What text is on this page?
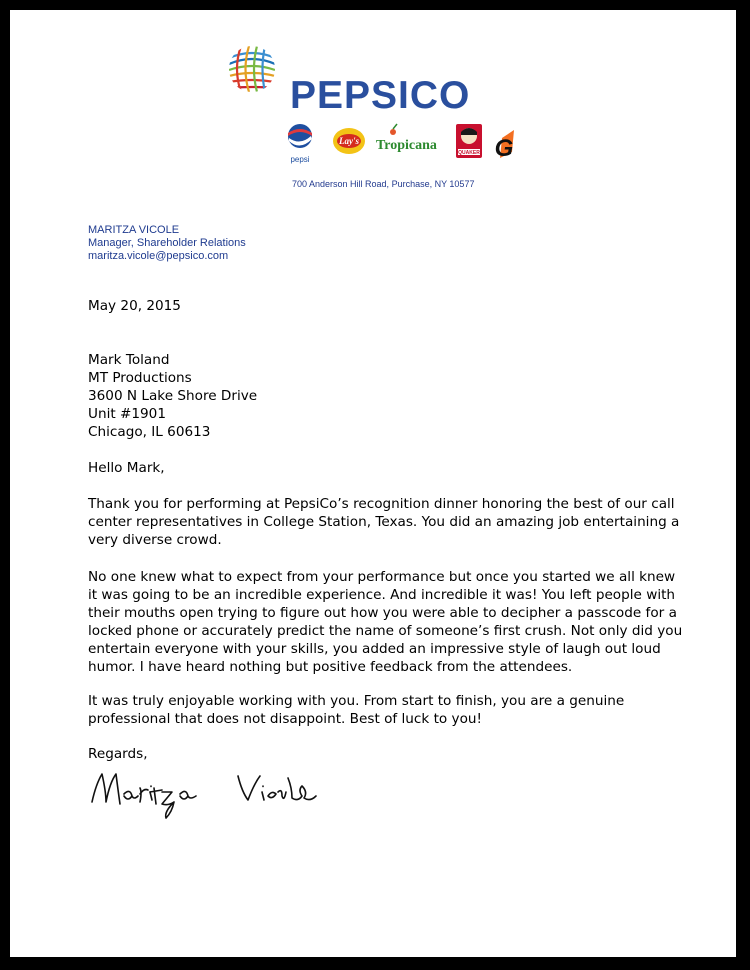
PEPSICO
pepsi
Lay's Tropicana	QUAKER G
700 Anderson Hill Road, Purchase, NY 10577
MARITZA VICOLE
Manager, Shareholder Relations
maritza.vicole@pepsico.com
May 20, 2015
Mark Toland
MT Productions
3600 N Lake Shore Drive
Unit #1901
Chicago, IL 60613
Hello Mark,
Thank you for performing at PepsiCo’s recognition dinner honoring the best of our call center representatives in College Station, Texas. You did an amazing job entertaining a very diverse crowd.
No one knew what to expect from your performance but once you started we all knew it was going to be an incredible experience. And incredible it was! You left people with their mouths open trying to figure out how you were able to decipher a passcode for a locked phone or accurately predict the name of someone’s first crush. Not only did you entertain everyone with your skills, you added an impressive style of laugh out loud humor. I have heard nothing but positive feedback from the attendees.
It was truly enjoyable working with you. From start to finish, you are a genuine professional that does not disappoint. Best of luck to you!
Regards,
